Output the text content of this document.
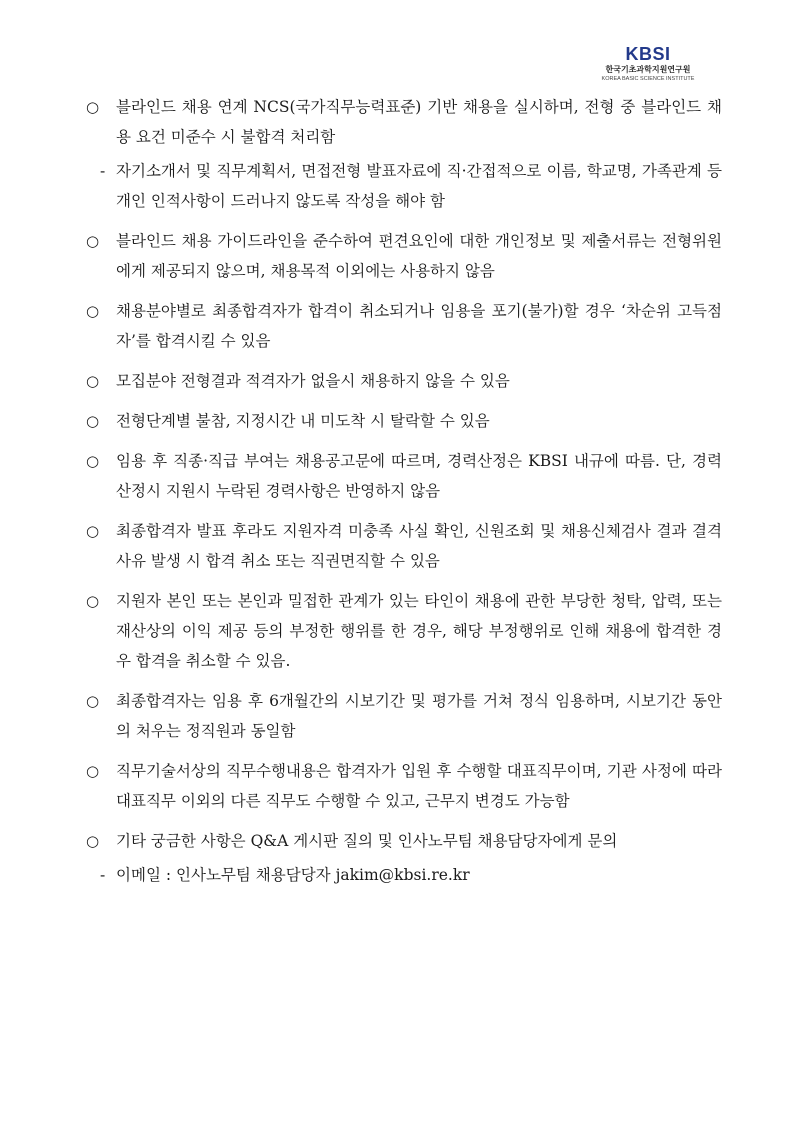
KBSI
한국기초과학지원연구원
KOREA BASIC SCIENCE INSTITUTE
○ 블라인드 채용 연계 NCS(국가직무능력표준) 기반 채용을 실시하며, 전형 중 블라인드 채용 요건 미준수 시 불합격 처리함
- 자기소개서 및 직무계획서, 면접전형 발표자료에 직·간접적으로 이름, 학교명, 가족관계 등 개인 인적사항이 드러나지 않도록 작성을 해야 함
○ 블라인드 채용 가이드라인을 준수하여 편견요인에 대한 개인정보 및 제출서류는 전형위원에게 제공되지 않으며, 채용목적 이외에는 사용하지 않음
○ 채용분야별로 최종합격자가 합격이 취소되거나 임용을 포기(불가)할 경우 ‘차순위 고득점자’를 합격시킬 수 있음
○ 모집분야 전형결과 적격자가 없을시 채용하지 않을 수 있음
○ 전형단계별 불참, 지정시간 내 미도착 시 탈락할 수 있음
○ 임용 후 직종·직급 부여는 채용공고문에 따르며, 경력산정은 KBSI 내규에 따름. 단, 경력산정시 지원시 누락된 경력사항은 반영하지 않음
○ 최종합격자 발표 후라도 지원자격 미충족 사실 확인, 신원조회 및 채용신체검사 결과 결격사유 발생 시 합격 취소 또는 직권면직할 수 있음
○ 지원자 본인 또는 본인과 밀접한 관계가 있는 타인이 채용에 관한 부당한 청탁, 압력, 또는 재산상의 이익 제공 등의 부정한 행위를 한 경우, 해당 부정행위로 인해 채용에 합격한 경우 합격을 취소할 수 있음.
○ 최종합격자는 임용 후 6개월간의 시보기간 및 평가를 거쳐 정식 임용하며, 시보기간 동안의 처우는 정직원과 동일함
○ 직무기술서상의 직무수행내용은 합격자가 입원 후 수행할 대표직무이며, 기관 사정에 따라 대표직무 이외의 다른 직무도 수행할 수 있고, 근무지 변경도 가능함
○ 기타 궁금한 사항은 Q&A 게시판 질의 및 인사노무팀 채용담당자에게 문의
- 이메일 : 인사노무팀 채용담당자 jakim@kbsi.re.kr
